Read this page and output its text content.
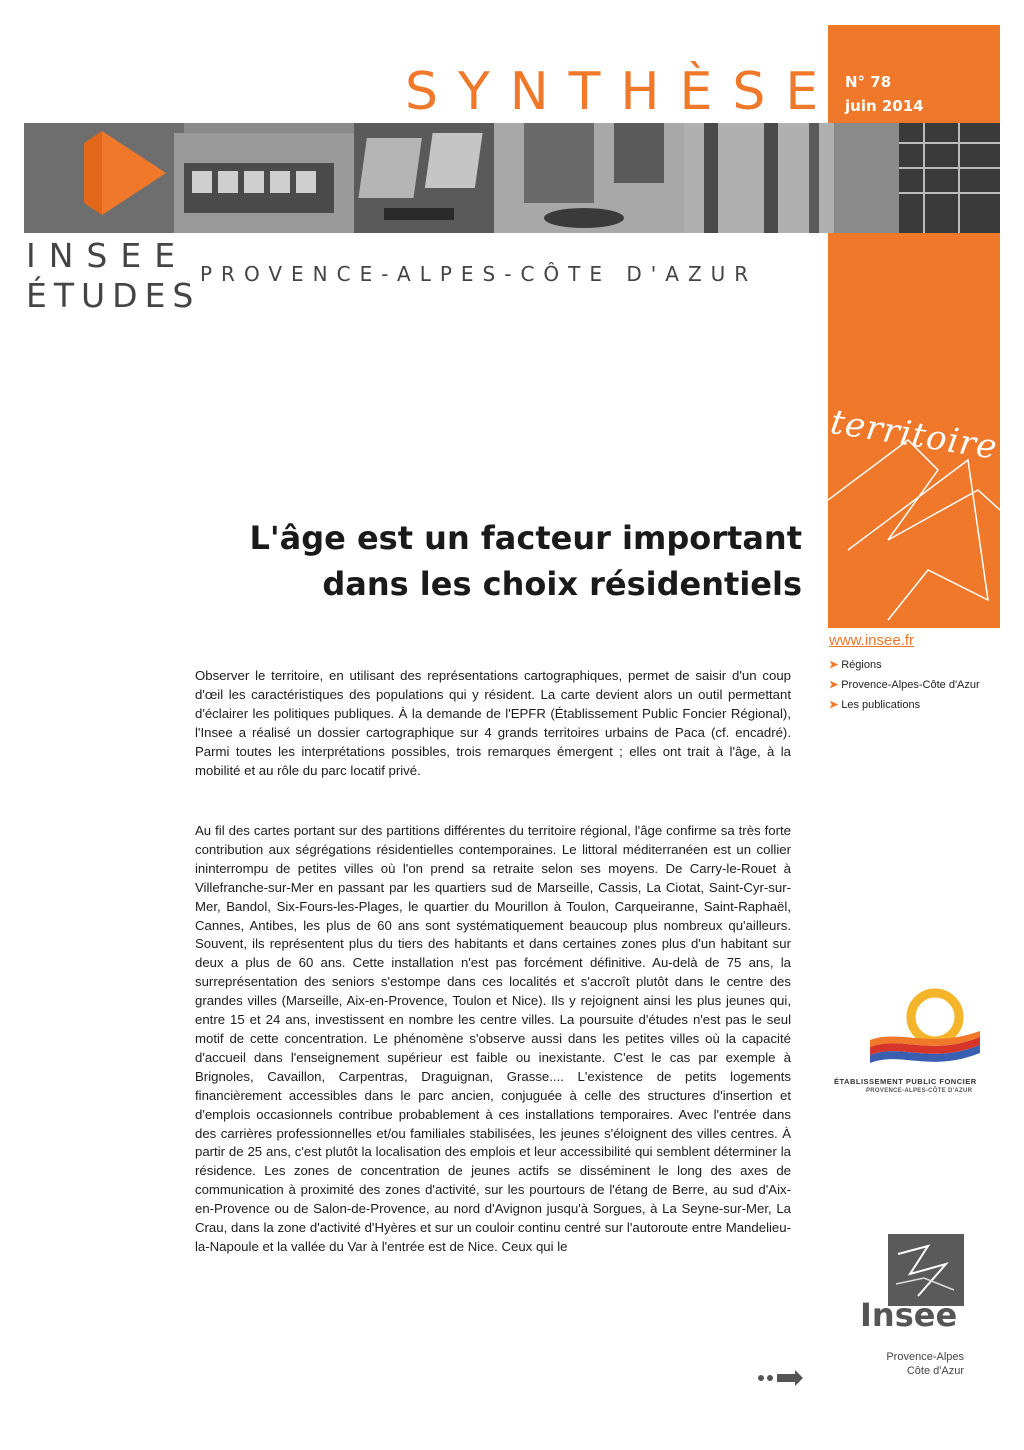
N° 78
juin 2014
SYNTHÈSE
INSEE
ÉTUDES
PROVENCE-ALPES-CÔTE D'AZUR
territoire
L'âge est un facteur important
dans les choix résidentiels
www.insee.fr
➤ Régions
➤ Provence-Alpes-Côte d'Azur
➤ Les publications

Observer le territoire, en utilisant des représentations cartographiques, permet de saisir d'un coup d'œil les caractéristiques des populations qui y résident. La carte devient alors un outil permettant d'éclairer les politiques publiques. À la demande de l'EPFR (Établissement Public Foncier Régional), l'Insee a réalisé un dossier cartographique sur 4 grands territoires urbains de Paca (cf. encadré). Parmi toutes les interprétations possibles, trois remarques émergent ; elles ont trait à l'âge, à la mobilité et au rôle du parc locatif privé.

Au fil des cartes portant sur des partitions différentes du territoire régional, l'âge confirme sa très forte contribution aux ségrégations résidentielles contemporaines. Le littoral méditerranéen est un collier ininterrompu de petites villes où l'on prend sa retraite selon ses moyens. De Carry-le-Rouet à Villefranche-sur-Mer en passant par les quartiers sud de Marseille, Cassis, La Ciotat, Saint-Cyr-sur-Mer, Bandol, Six-Fours-les-Plages, le quartier du Mourillon à Toulon, Carqueiranne, Saint-Raphaël, Cannes, Antibes, les plus de 60 ans sont systématiquement beaucoup plus nombreux qu'ailleurs. Souvent, ils représentent plus du tiers des habitants et dans certaines zones plus d'un habitant sur deux a plus de 60 ans. Cette installation n'est pas forcément définitive. Au-delà de 75 ans, la surreprésentation des seniors s'estompe dans ces localités et s'accroît plutôt dans le centre des grandes villes (Marseille, Aix-en-Provence, Toulon et Nice). Ils y rejoignent ainsi les plus jeunes qui, entre 15 et 24 ans, investissent en nombre les centre villes. La poursuite d'études n'est pas le seul motif de cette concentration. Le phénomène s'observe aussi dans les petites villes où la capacité d'accueil dans l'enseignement supérieur est faible ou inexistante. C'est le cas par exemple à Brignoles, Cavaillon, Carpentras, Draguignan, Grasse.... L'existence de petits logements financièrement accessibles dans le parc ancien, conjuguée à celle des structures d'insertion et d'emplois occasionnels contribue probablement à ces installations temporaires. Avec l'entrée dans des carrières professionnelles et/ou familiales stabilisées, les jeunes s'éloignent des villes centres. À partir de 25 ans, c'est plutôt la localisation des emplois et leur accessibilité qui semblent déterminer la résidence. Les zones de concentration de jeunes actifs se disséminent le long des axes de communication à proximité des zones d'activité, sur les pourtours de l'étang de Berre, au sud d'Aix-en-Provence ou de Salon-de-Provence, au nord d'Avignon jusqu'à Sorgues, à La Seyne-sur-Mer, La Crau, dans la zone d'activité d'Hyères et sur un couloir continu centré sur l'autoroute entre Mandelieu-la-Napoule et la vallée du Var à l'entrée est de Nice. Ceux qui le

ÉTABLISSEMENT PUBLIC FONCIER
PROVENCE-ALPES-CÔTE D'AZUR
Insee
Provence-Alpes
Côte d'Azur
